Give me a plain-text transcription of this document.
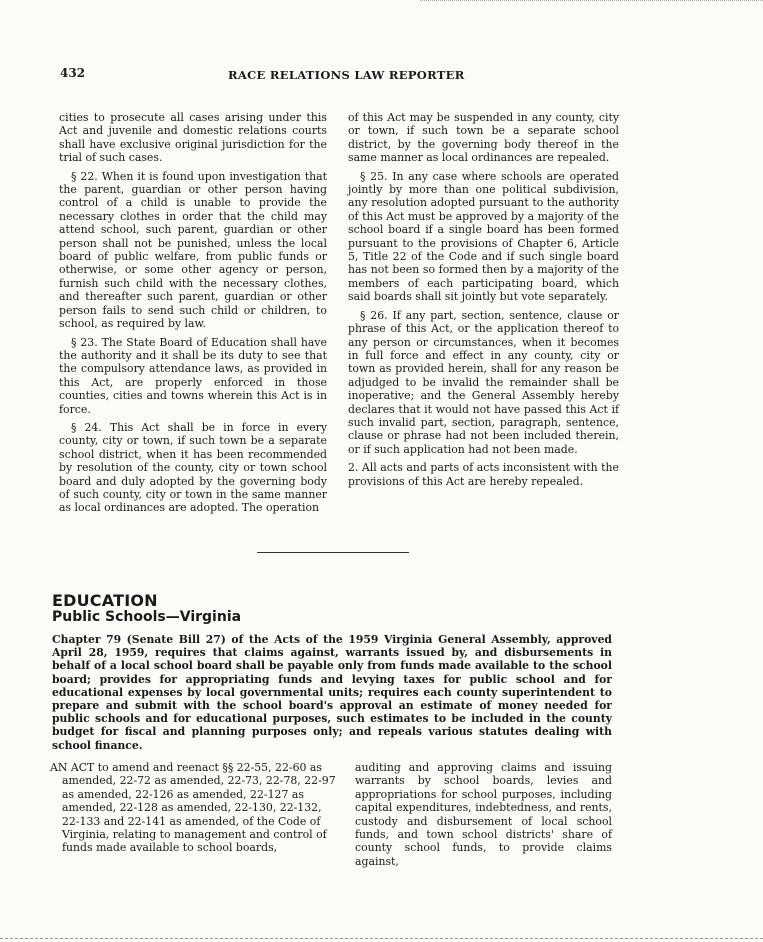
432	RACE RELATIONS LAW REPORTER

cities to prosecute all cases arising under this Act and juvenile and domestic relations courts shall have exclusive original jurisdiction for the trial of such cases.

§ 22. When it is found upon investigation that the parent, guardian or other person having control of a child is unable to provide the necessary clothes in order that the child may attend school, such parent, guardian or other person shall not be punished, unless the local board of public welfare, from public funds or otherwise, or some other agency or person, furnish such child with the necessary clothes, and thereafter such parent, guardian or other person fails to send such child or children, to school, as required by law.

§ 23. The State Board of Education shall have the authority and it shall be its duty to see that the compulsory attendance laws, as provided in this Act, are properly enforced in those counties, cities and towns wherein this Act is in force.

§ 24. This Act shall be in force in every county, city or town, if such town be a separate school district, when it has been recommended by resolution of the county, city or town school board and duly adopted by the governing body of such county, city or town in the same manner as local ordinances are adopted. The operation

of this Act may be suspended in any county, city or town, if such town be a separate school district, by the governing body thereof in the same manner as local ordinances are repealed.

§ 25. In any case where schools are operated jointly by more than one political subdivision, any resolution adopted pursuant to the authority of this Act must be approved by a majority of the school board if a single board has been formed pursuant to the provisions of Chapter 6, Article 5, Title 22 of the Code and if such single board has not been so formed then by a majority of the members of each participating board, which said boards shall sit jointly but vote separately.

§ 26. If any part, section, sentence, clause or phrase of this Act, or the application thereof to any person or circumstances, when it becomes in full force and effect in any county, city or town as provided herein, shall for any reason be adjudged to be invalid the remainder shall be inoperative; and the General Assembly hereby declares that it would not have passed this Act if such invalid part, section, paragraph, sentence, clause or phrase had not been included therein, or if such application had not been made.

2. All acts and parts of acts inconsistent with the provisions of this Act are hereby repealed.

EDUCATION
Public Schools—Virginia
Chapter 79 (Senate Bill 27) of the Acts of the 1959 Virginia General Assembly, approved April 28, 1959, requires that claims against, warrants issued by, and disbursements in behalf of a local school board shall be payable only from funds made available to the school board; provides for appropriating funds and levying taxes for public school and for educational expenses by local governmental units; requires each county superintendent to prepare and submit with the school board's approval an estimate of money needed for public schools and for educational purposes, such estimates to be included in the county budget for fiscal and planning purposes only; and repeals various statutes dealing with school finance.
AN ACT to amend and reenact §§ 22-55, 22-60 as amended, 22-72 as amended, 22-73, 22-78, 22-97 as amended, 22-126 as amended, 22-127 as amended, 22-128 as amended, 22-130, 22-132, 22-133 and 22-141 as amended, of the Code of Virginia, relating to management and control of funds made available to school boards,
auditing and approving claims and issuing warrants by school boards, levies and appropriations for school purposes, including capital expenditures, indebtedness, and rents, custody and disbursement of local school funds, and town school districts' share of county school funds, to provide claims against,
